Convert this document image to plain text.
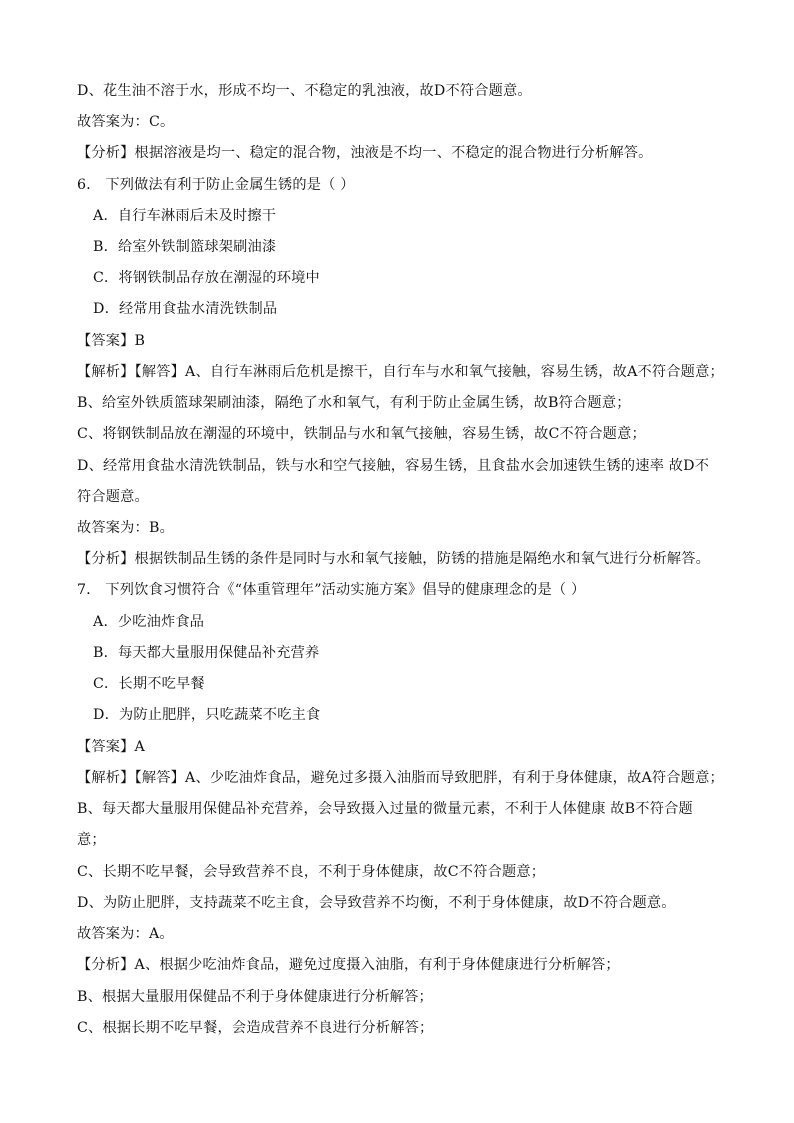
D、花生油不溶于水，形成不均一、不稳定的乳浊液，故D不符合题意。
故答案为：C。
【分析】根据溶液是均一、稳定的混合物，浊液是不均一、不稳定的混合物进行分析解答。
6． 下列做法有利于防止金属生锈的是（ ）
A．自行车淋雨后未及时擦干
B．给室外铁制篮球架刷油漆
C．将钢铁制品存放在潮湿的环境中
D．经常用食盐水清洗铁制品
【答案】B
【解析】【解答】A、自行车淋雨后危机是擦干，自行车与水和氧气接触，容易生锈，故A不符合题意；
B、给室外铁质篮球架刷油漆，隔绝了水和氧气，有利于防止金属生锈，故B符合题意；
C、将钢铁制品放在潮湿的环境中，铁制品与水和氧气接触，容易生锈，故C不符合题意；
D、经常用食盐水清洗铁制品，铁与水和空气接触，容易生锈，且食盐水会加速铁生锈的速率 故D不
符合题意。
故答案为：B。
【分析】根据铁制品生锈的条件是同时与水和氧气接触，防锈的措施是隔绝水和氧气进行分析解答。
7． 下列饮食习惯符合《“体重管理年”活动实施方案》倡导的健康理念的是（ ）
A．少吃油炸食品
B．每天都大量服用保健品补充营养
C．长期不吃早餐
D．为防止肥胖，只吃蔬菜不吃主食
【答案】A
【解析】【解答】A、少吃油炸食品，避免过多摄入油脂而导致肥胖，有利于身体健康，故A符合题意；
B、每天都大量服用保健品补充营养，会导致摄入过量的微量元素，不利于人体健康 故B不符合题
意；
C、长期不吃早餐，会导致营养不良，不利于身体健康，故C不符合题意；
D、为防止肥胖，支持蔬菜不吃主食，会导致营养不均衡，不利于身体健康，故D不符合题意。
故答案为：A。
【分析】A、根据少吃油炸食品，避免过度摄入油脂，有利于身体健康进行分析解答；
B、根据大量服用保健品不利于身体健康进行分析解答；
C、根据长期不吃早餐，会造成营养不良进行分析解答；
